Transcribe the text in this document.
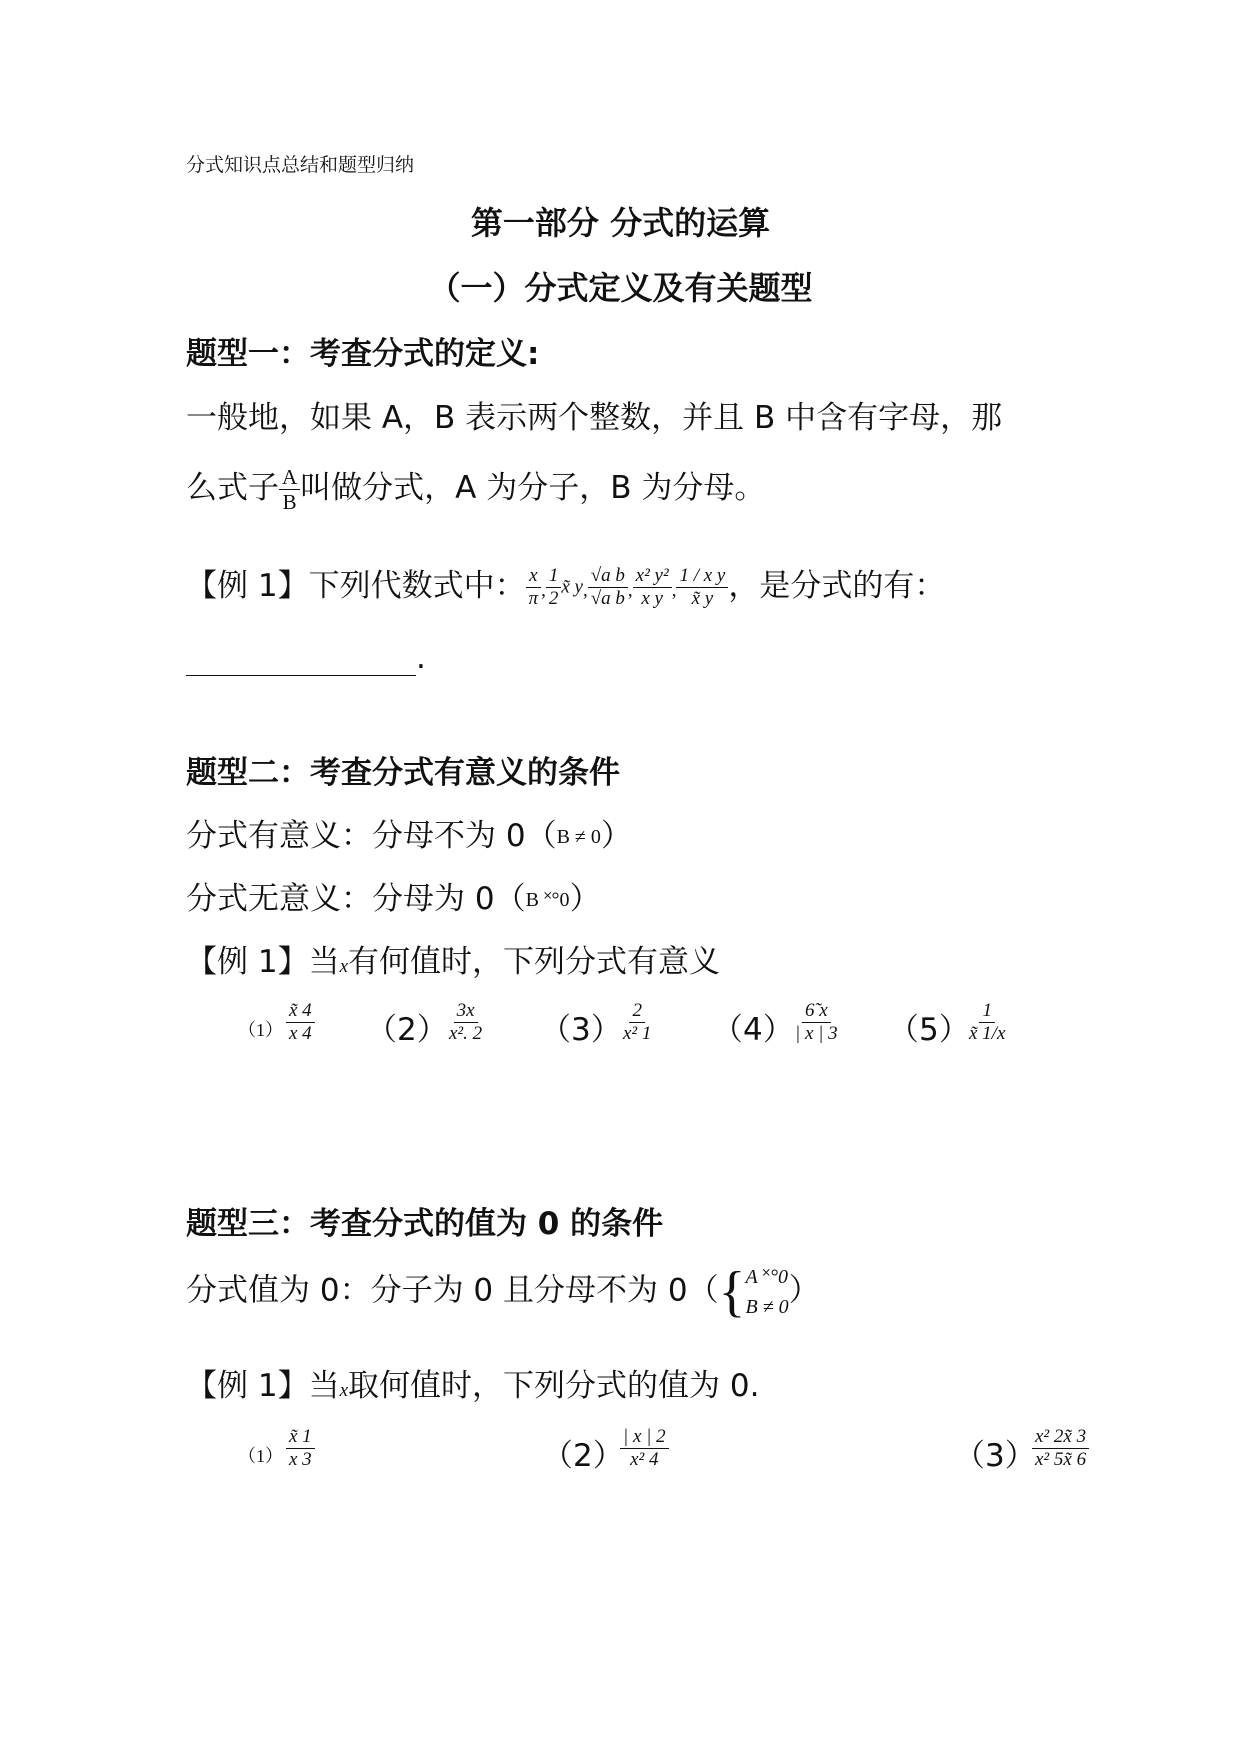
分式知识点总结和题型归纳
第一部分 分式的运算
（一）分式定义及有关题型
题型一：考查分式的定义:
一般地，如果 A，B 表示两个整数，并且 B 中含有字母，那
么式子 $\frac{A}{B}$ 叫做分式，A 为分子，B 为分母。
【例 1】下列代数式中： $\frac{x}{\pi}$ , $\frac{1}{2}$ x̃ y, $\frac{\text{√a b}}{\text{√a b}}$ , $\frac{\text{x² y²}}{\text{x y}}$ , $\frac{\text{1 / x y}}{x̃ y}$ ，是分式的有：
.
题型二：考查分式有意义的条件
分式有意义：分母不为 0（B ≠ 0）
分式无意义：分母为 0（B ˟°0）
【例 1】当x有何值时，下列分式有意义
$(1) \frac{x̃ 4}{x 4} (2)$
$\frac{3x}{\text{x². 2}} (3)$
$\frac{2}{\text{x² 1}} (4)$
$\frac{6̃ x}{| x | 3} (5)$
$\frac{1}{x̃ 1/x}$
题型三：考查分式的值为 0 的条件
分式值为 0：分子为 0 且分母不为 0（{ A ˟°0
B ≠ 0 ）
【例 1】当x取何值时，下列分式的值为 0.
$(1) \frac{x̃ 1}{x 3}$	（2）
$\frac{| x | 2}{\text{x² 4}}$	（3）
$\frac{\text{x² 2x̃ 3}}{\text{x² 5x̃ 6}}$
